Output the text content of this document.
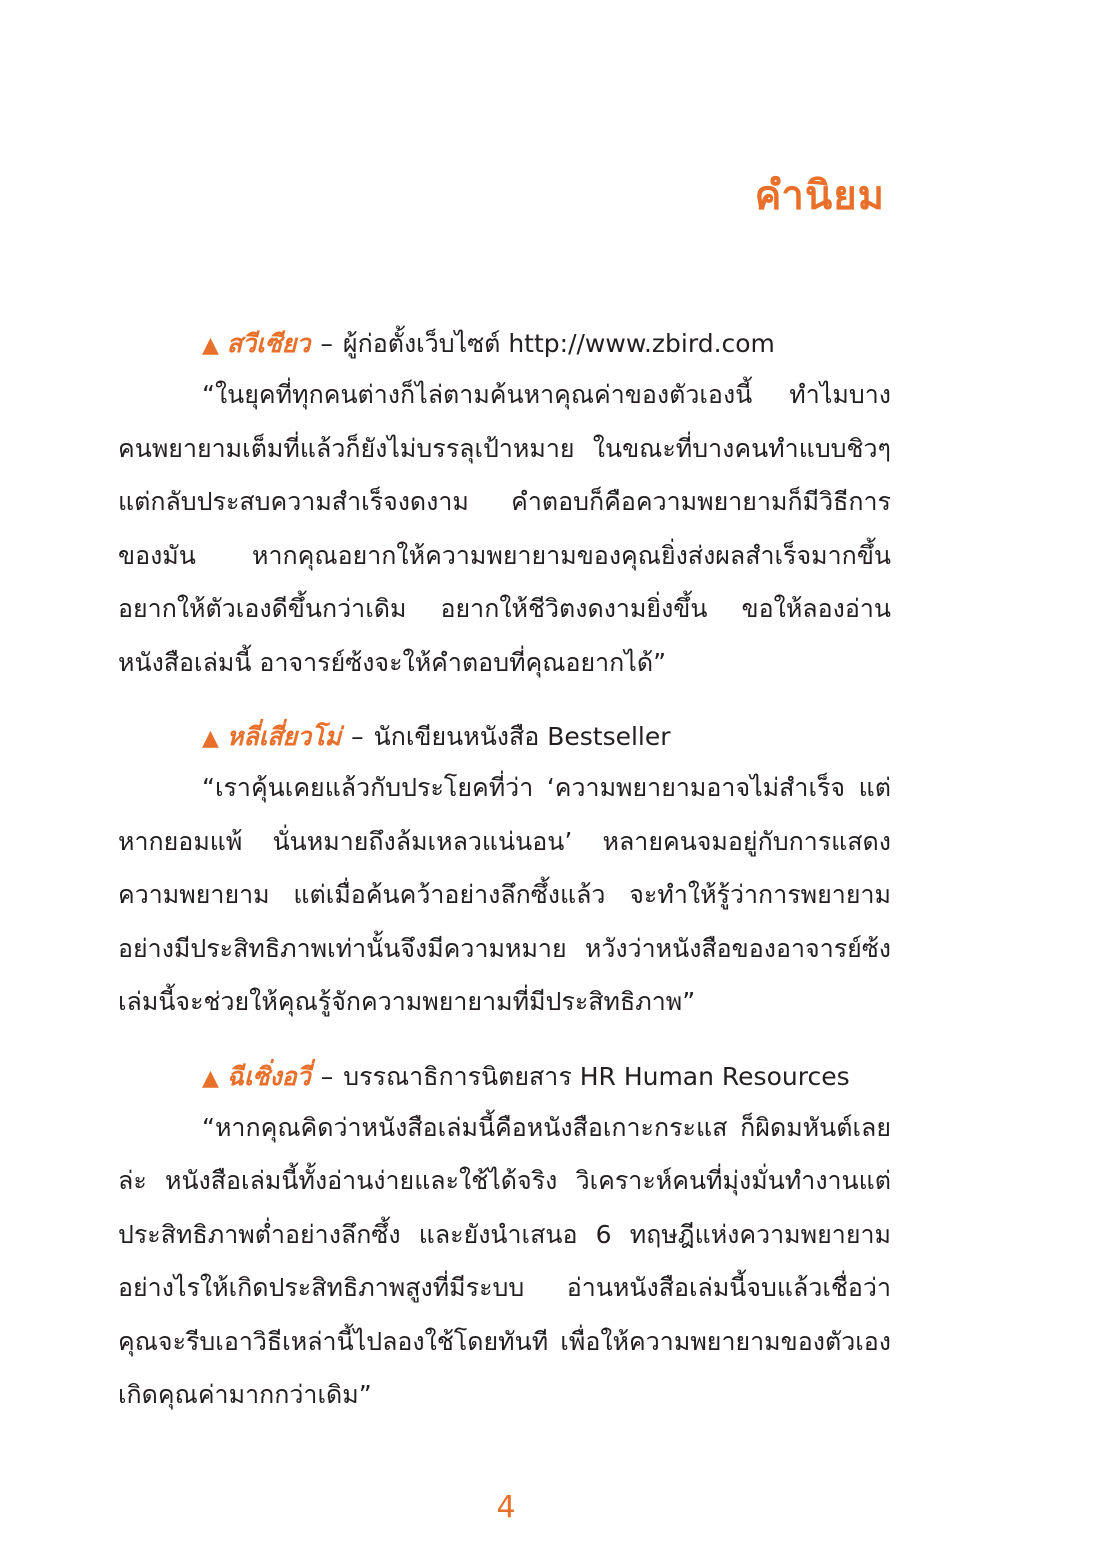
คำนิยม
▲ สวีเซียว – ผู้ก่อตั้งเว็บไซต์ http://www.zbird.com

“ในยุคที่ทุกคนต่างก็ไล่ตามค้นหาคุณค่าของตัวเองนี้ ทำไมบางคนพยายามเต็มที่แล้วก็ยังไม่บรรลุเป้าหมาย ในขณะที่บางคนทำแบบชิวๆ แต่กลับประสบความสำเร็จงดงาม คำตอบก็คือความพยายามก็มีวิธีการของมัน หากคุณอยากให้ความพยายามของคุณยิ่งส่งผลสำเร็จมากขึ้น อยากให้ตัวเองดีขึ้นกว่าเดิม อยากให้ชีวิตงดงามยิ่งขึ้น ขอให้ลองอ่านหนังสือเล่มนี้ อาจารย์ซ้งจะให้คำตอบที่คุณอยากได้”

▲ หลี่เสี่ยวโม่ – นักเขียนหนังสือ Bestseller

“เราคุ้นเคยแล้วกับประโยคที่ว่า ‘ความพยายามอาจไม่สำเร็จ แต่หากยอมแพ้ นั่นหมายถึงล้มเหลวแน่นอน’ หลายคนจมอยู่กับการแสดงความพยายาม แต่เมื่อค้นคว้าอย่างลึกซึ้งแล้ว จะทำให้รู้ว่าการพยายามอย่างมีประสิทธิภาพเท่านั้นจึงมีความหมาย หวังว่าหนังสือของอาจารย์ซ้งเล่มนี้จะช่วยให้คุณรู้จักความพยายามที่มีประสิทธิภาพ”

▲ ฉีเซิ่งอวี่ – บรรณาธิการนิตยสาร HR Human Resources

“หากคุณคิดว่าหนังสือเล่มนี้คือหนังสือเกาะกระแส ก็ผิดมหันต์เลยล่ะ หนังสือเล่มนี้ทั้งอ่านง่ายและใช้ได้จริง วิเคราะห์คนที่มุ่งมั่นทำงานแต่ประสิทธิภาพต่ำอย่างลึกซึ้ง และยังนำเสนอ 6 ทฤษฎีแห่งความพยายามอย่างไรให้เกิดประสิทธิภาพสูงที่มีระบบ อ่านหนังสือเล่มนี้จบแล้วเชื่อว่าคุณจะรีบเอาวิธีเหล่านี้ไปลองใช้โดยทันที เพื่อให้ความพยายามของตัวเองเกิดคุณค่ามากกว่าเดิม”

4
